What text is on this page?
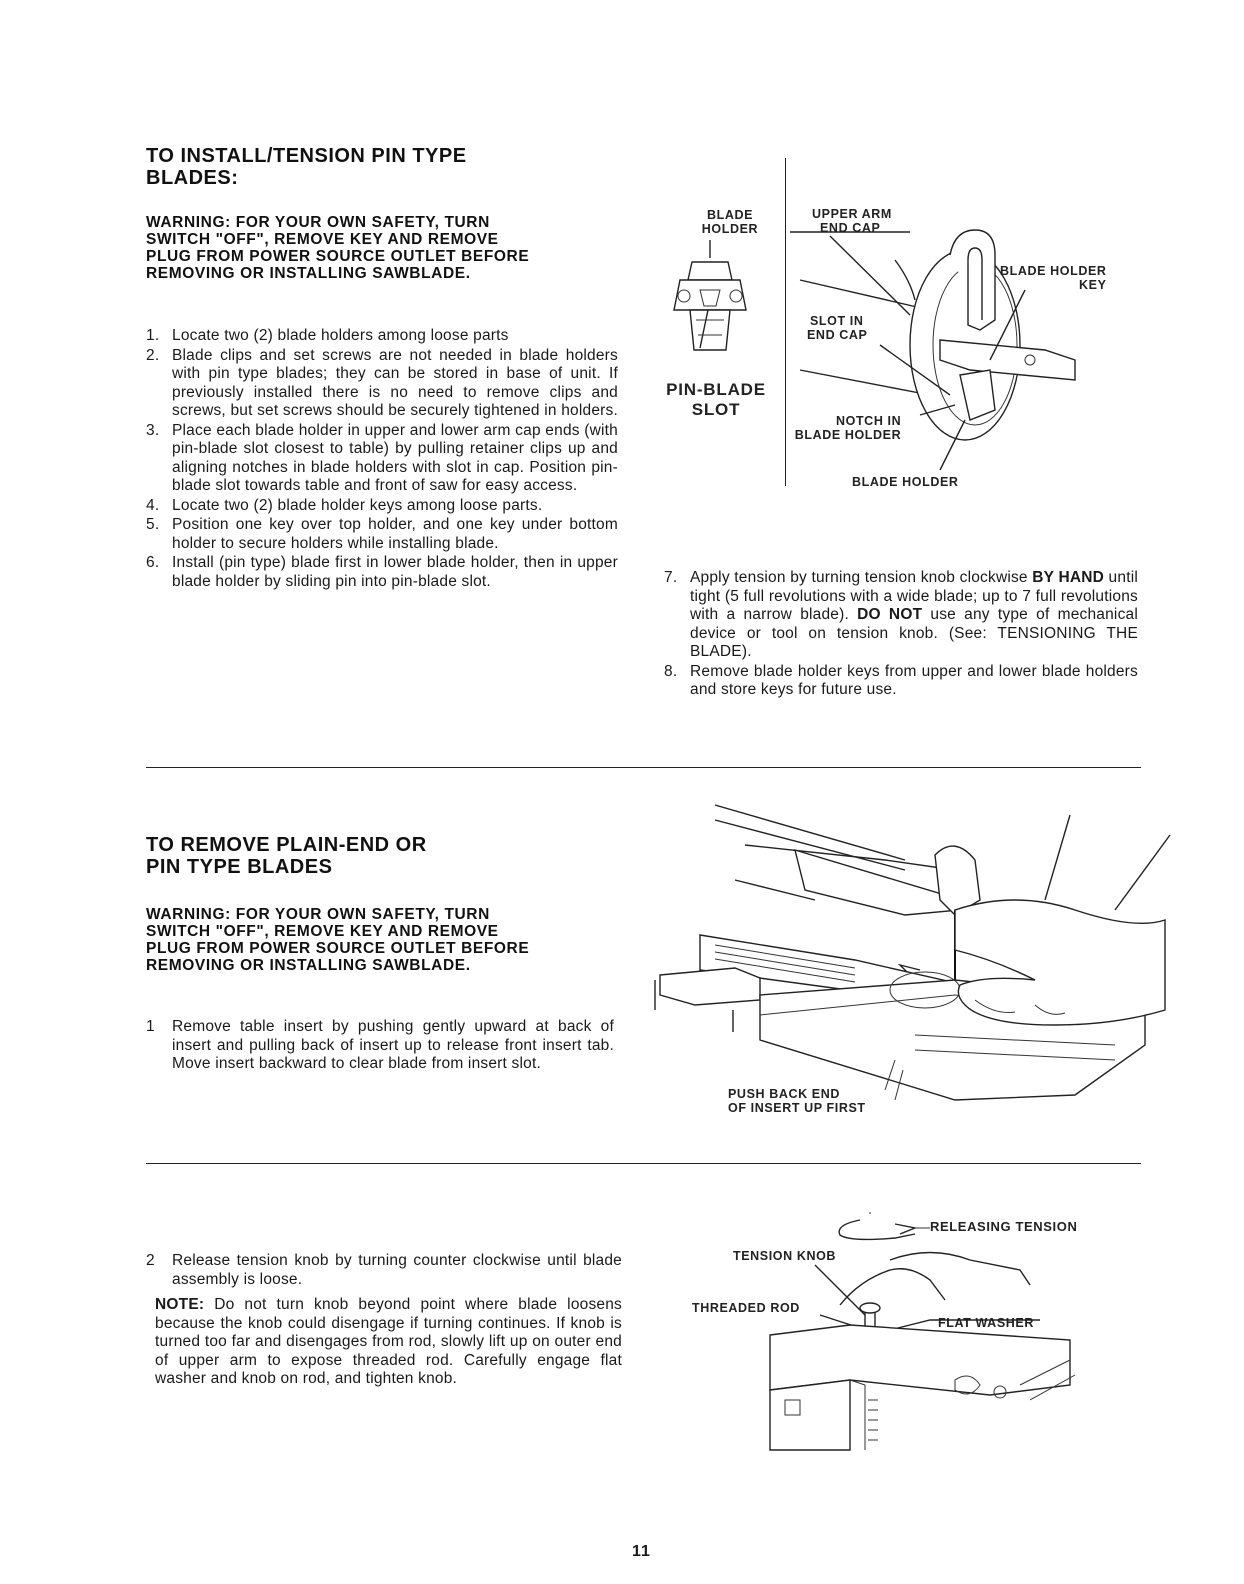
TO INSTALL/TENSION PIN TYPE
BLADES:
WARNING: FOR YOUR OWN SAFETY, TURN
SWITCH "OFF", REMOVE KEY AND REMOVE
PLUG FROM POWER SOURCE OUTLET BEFORE
REMOVING OR INSTALLING SAWBLADE.
1. Locate two (2) blade holders among loose parts
2. Blade clips and set screws are not needed in blade holders with pin type blades; they can be stored in base of unit. If previously installed there is no need to remove clips and screws, but set screws should be securely tightened in holders.
3. Place each blade holder in upper and lower arm cap ends (with pin-blade slot closest to table) by pulling retainer clips up and aligning notches in blade holders with slot in cap. Position pin-blade slot towards table and front of saw for easy access.
4. Locate two (2) blade holder keys among loose parts.
5. Position one key over top holder, and one key under bottom holder to secure holders while installing blade.
6. Install (pin type) blade first in lower blade holder, then in upper blade holder by sliding pin into pin-blade slot.
BLADE
HOLDER
PIN-BLADE
SLOT
UPPER ARM
END CAP
BLADE HOLDER
KEY
SLOT IN
END CAP
NOTCH IN
BLADE HOLDER
BLADE HOLDER
7. Apply tension by turning tension knob clockwise BY HAND until tight (5 full revolutions with a wide blade; up to 7 full revolutions with a narrow blade). DO NOT use any type of mechanical device or tool on tension knob. (See: TENSIONING THE BLADE).
8. Remove blade holder keys from upper and lower blade holders and store keys for future use.
TO REMOVE PLAIN-END OR
PIN TYPE BLADES
WARNING: FOR YOUR OWN SAFETY, TURN
SWITCH "OFF", REMOVE KEY AND REMOVE
PLUG FROM POWER SOURCE OUTLET BEFORE
REMOVING OR INSTALLING SAWBLADE.
1 Remove table insert by pushing gently upward at back of insert and pulling back of insert up to release front insert tab. Move insert backward to clear blade from insert slot.
PUSH BACK END
OF INSERT UP FIRST
2 Release tension knob by turning counter clockwise until blade assembly is loose.

NOTE: Do not turn knob beyond point where blade loosens because the knob could disengage if turning continues. If knob is turned too far and disengages from rod, slowly lift up on outer end of upper arm to expose threaded rod. Carefully engage flat washer and knob on rod, and tighten knob.

RELEASING TENSION
TENSION KNOB
THREADED ROD
FLAT WASHER
11
